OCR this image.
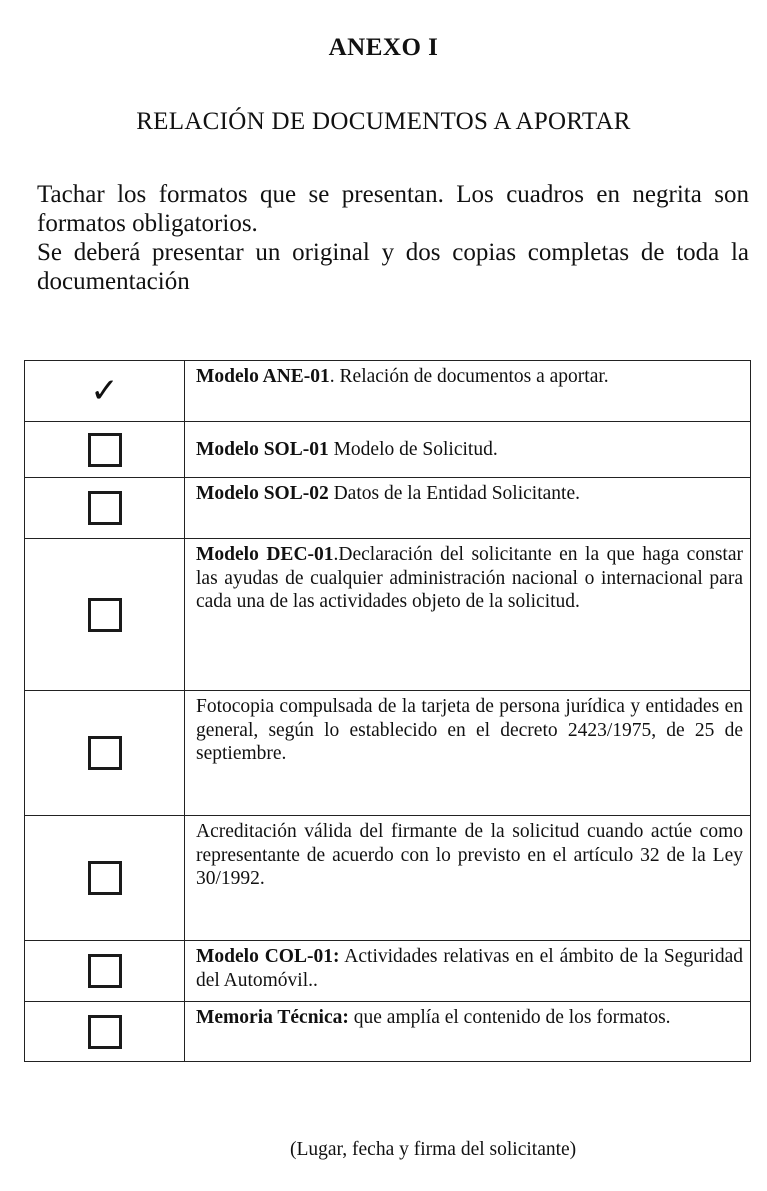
ANEXO I
RELACIÓN DE DOCUMENTOS A APORTAR

Tachar los formatos que se presentan. Los cuadros en negrita son formatos obligatorios.

Se deberá presentar un original y dos copias completas de toda la documentación

✓	Modelo ANE-01. Relación de documentos a aportar.
	Modelo SOL-01 Modelo de Solicitud.
	Modelo SOL-02 Datos de la Entidad Solicitante.
	Modelo DEC-01.Declaración del solicitante en la que haga constar las ayudas de cualquier administración nacional o internacional para cada una de las actividades objeto de la solicitud.
	Fotocopia compulsada de la tarjeta de persona jurídica y entidades en general, según lo establecido en el decreto 2423/1975, de 25 de septiembre.
	Acreditación válida del firmante de la solicitud cuando actúe como representante de acuerdo con lo previsto en el artículo 32 de la Ley 30/1992.
	Modelo COL-01: Actividades relativas en el ámbito de la Seguridad del Automóvil..
	Memoria Técnica: que amplía el contenido de los formatos.
(Lugar, fecha y firma del solicitante)
